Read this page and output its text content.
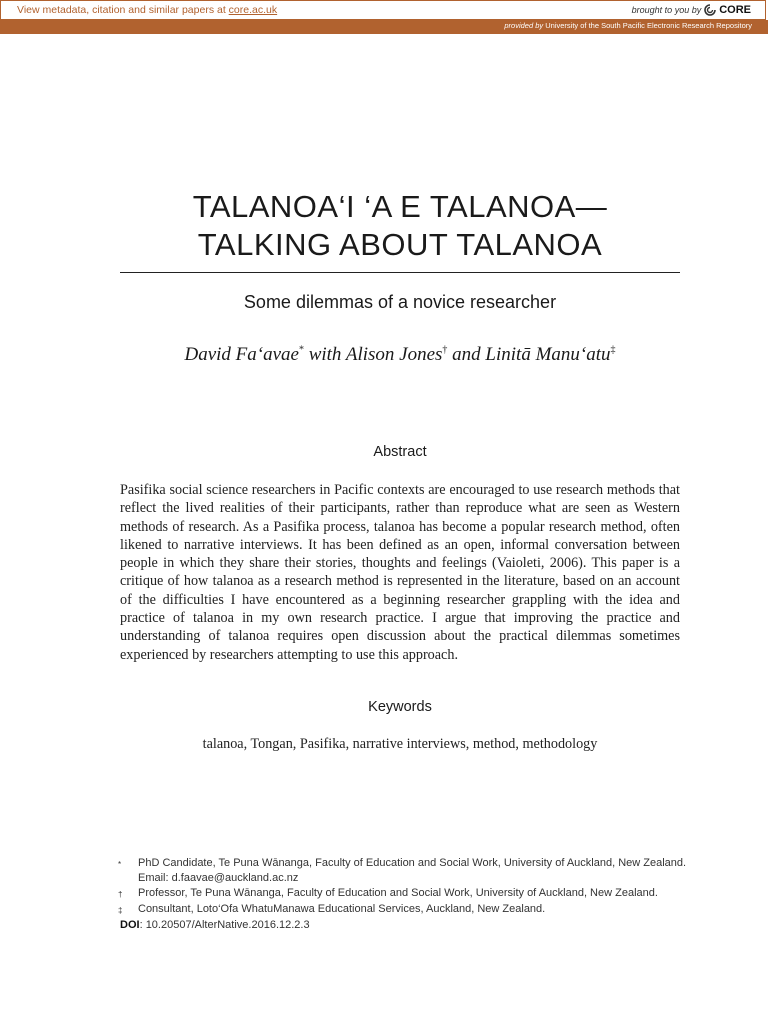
View metadata, citation and similar papers at core.ac.uk	brought to you by CORE
provided by University of the South Pacific Electronic Research Repository
TALANOA‘I ‘A E TALANOA—
TALKING ABOUT TALANOA
Some dilemmas of a novice researcher
David Fa‘avae* with Alison Jones† and Linitā Manu‘atu‡
Abstract
Pasifika social science researchers in Pacific contexts are encouraged to use research methods that reflect the lived realities of their participants, rather than reproduce what are seen as Western methods of research. As a Pasifika process, talanoa has become a popular research method, often likened to narrative interviews. It has been defined as an open, informal conversation between people in which they share their stories, thoughts and feelings (Vaioleti, 2006). This paper is a critique of how talanoa as a research method is represented in the literature, based on an account of the difficulties I have encountered as a beginning researcher grappling with the idea and practice of talanoa in my own research practice. I argue that improving the practice and understanding of talanoa requires open discussion about the practical dilemmas sometimes experienced by researchers attempting to use this approach.
Keywords
talanoa, Tongan, Pasifika, narrative interviews, method, methodology
*	PhD Candidate, Te Puna Wānanga, Faculty of Education and Social Work, University of Auckland, New Zealand.
Email: d.faavae@auckland.ac.nz
†	Professor, Te Puna Wānanga, Faculty of Education and Social Work, University of Auckland, New Zealand.
‡	Consultant, Loto‘Ofa WhatuManawa Educational Services, Auckland, New Zealand.
DOI: 10.20507/AlterNative.2016.12.2.3
